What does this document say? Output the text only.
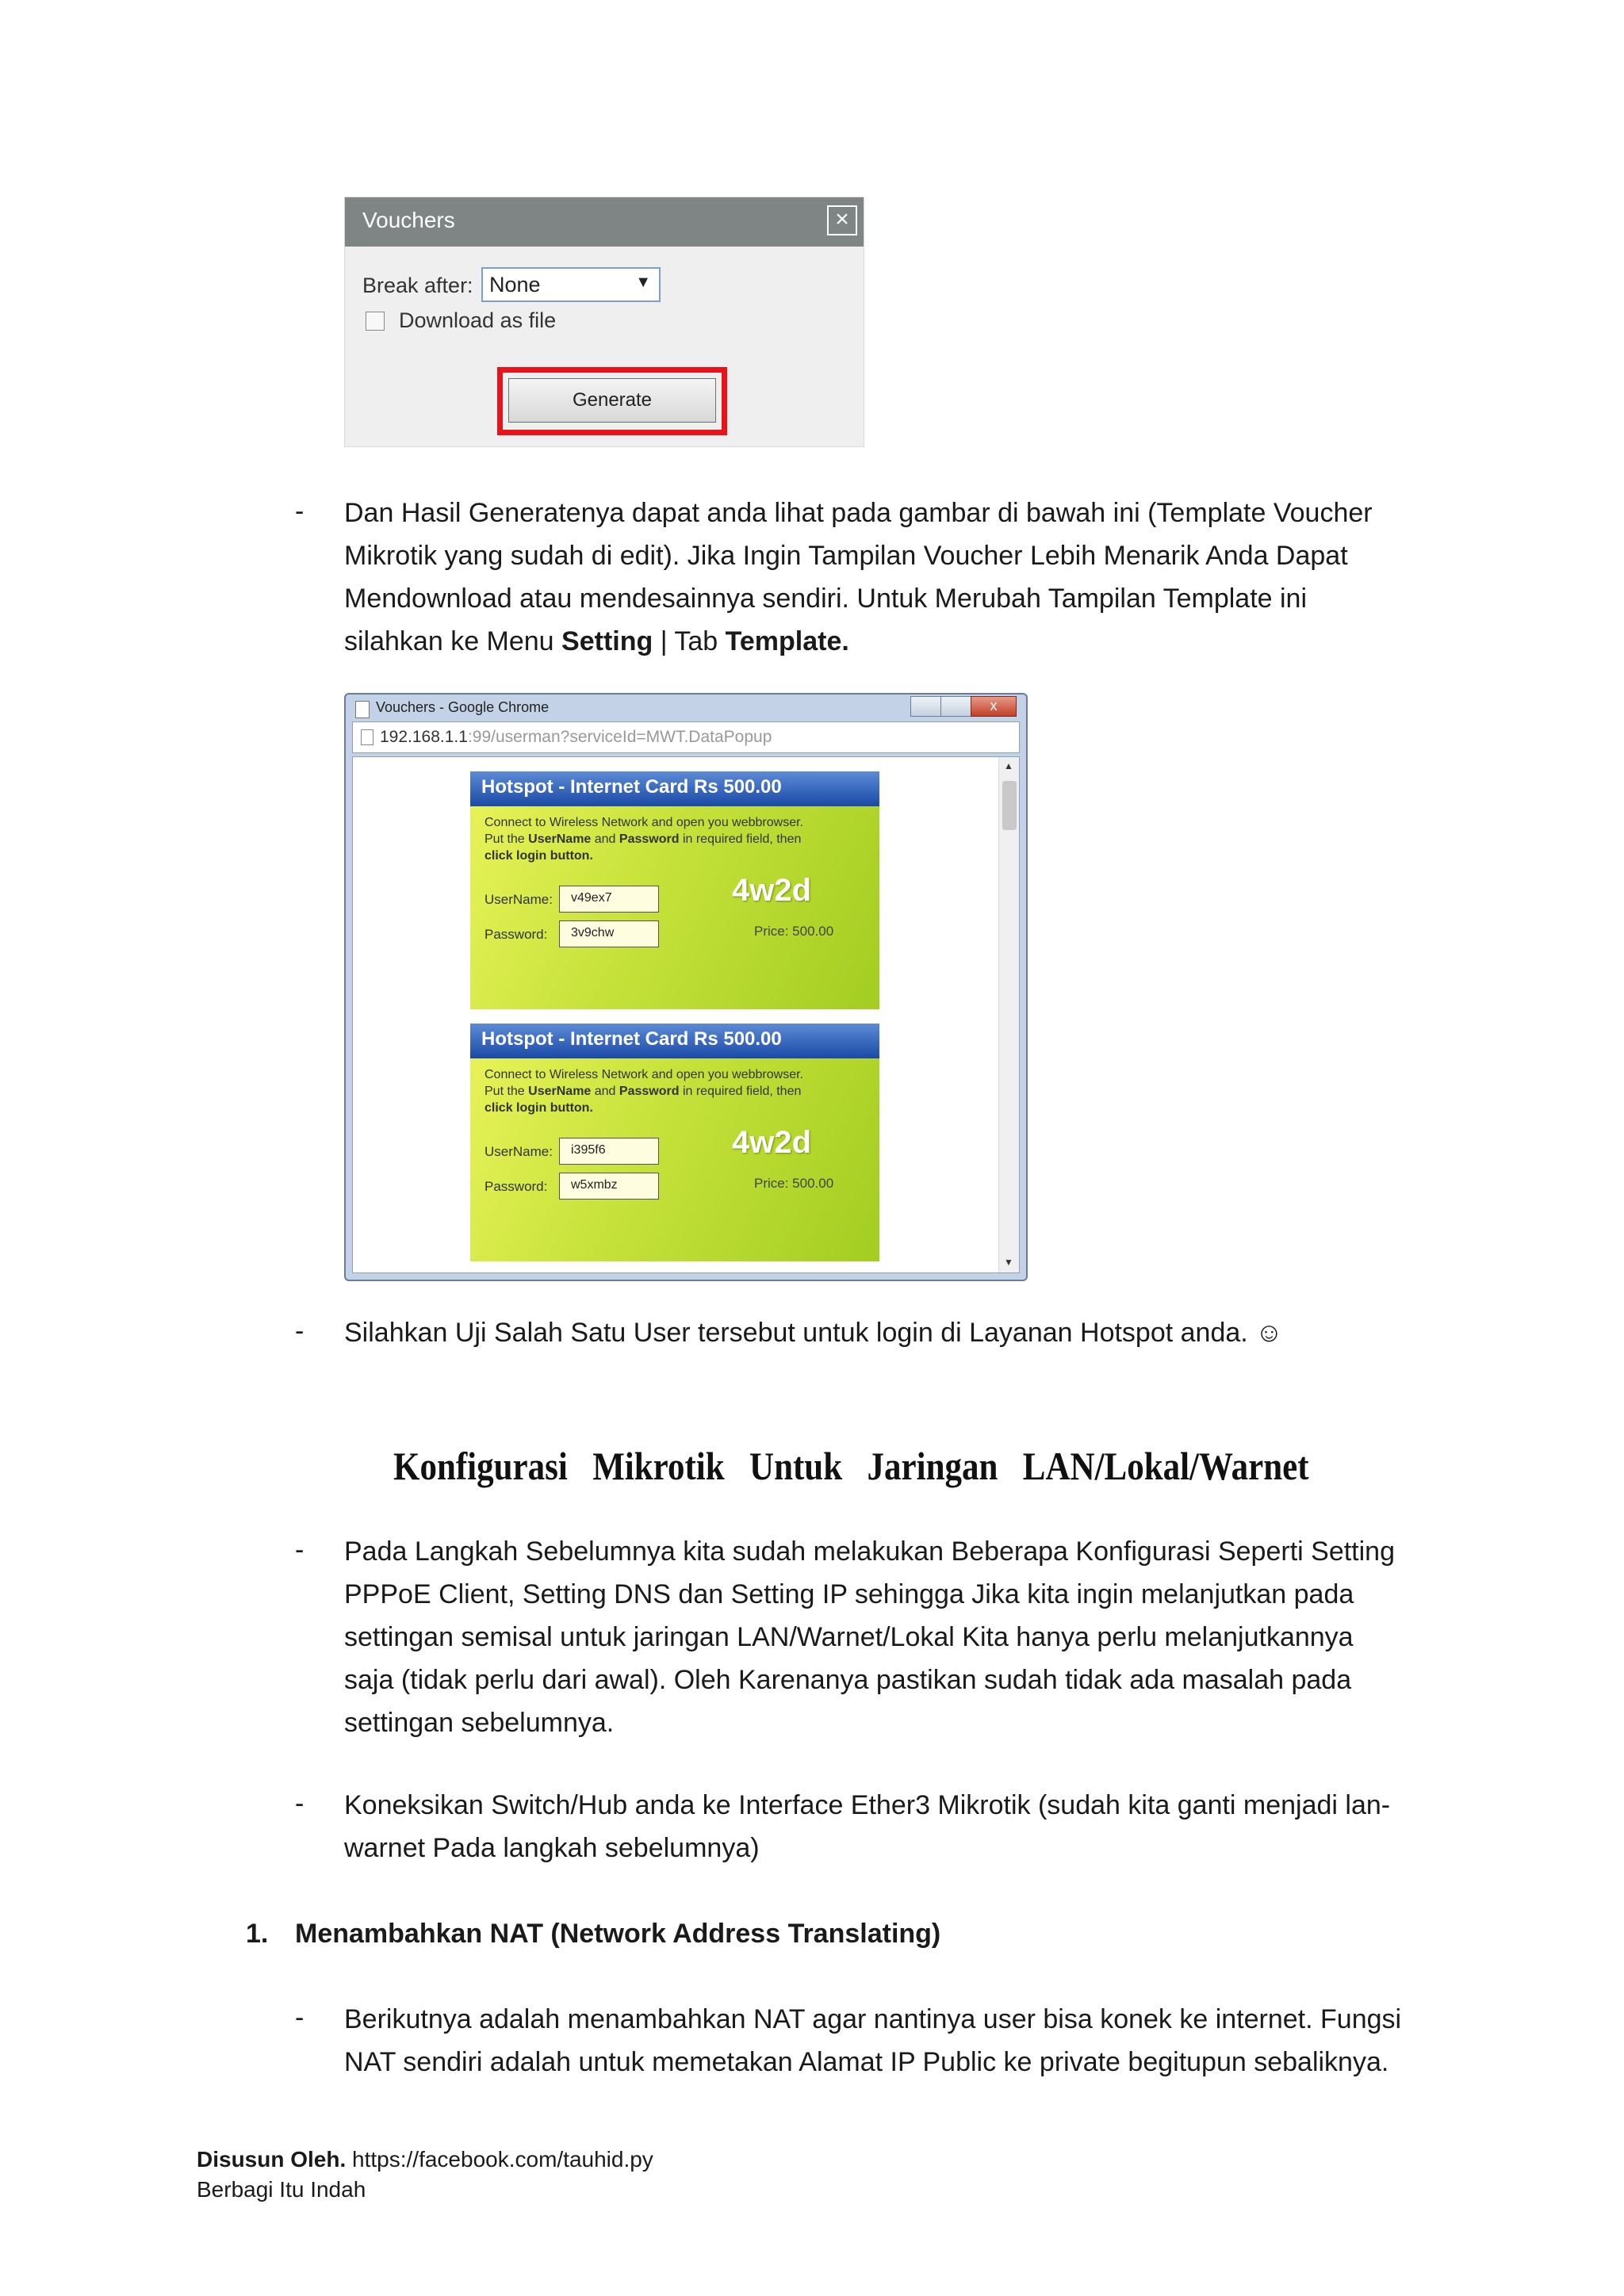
Vouchers	×
Break after: None	▼
Download as file
Generate
- Dan Hasil Generatenya dapat anda lihat pada gambar di bawah ini (Template Voucher
Mikrotik yang sudah di edit). Jika Ingin Tampilan Voucher Lebih Menarik Anda Dapat
Mendownload atau mendesainnya sendiri. Untuk Merubah Tampilan Template ini
silahkan ke Menu Setting | Tab Template.
Vouchers - Google Chrome	x
192.168.1.1:99/userman?serviceId=MWT.DataPopup
Hotspot - Internet Card Rs 500.00
Connect to Wireless Network and open you webbrowser.
Put the UserName and Password in required field, then
click login button.
UserName:	v49ex7
Password:	3v9chw
4w2d
Price: 500.00
Hotspot - Internet Card Rs 500.00
Connect to Wireless Network and open you webbrowser.
Put the UserName and Password in required field, then
click login button.
UserName:	i395f6
Password:	w5xmbz
4w2d
Price: 500.00
▲
▼
- Silahkan Uji Salah Satu User tersebut untuk login di Layanan Hotspot anda. ☺
Konfigurasi Mikrotik Untuk Jaringan LAN/Lokal/Warnet
- Pada Langkah Sebelumnya kita sudah melakukan Beberapa Konfigurasi Seperti Setting
PPPoE Client, Setting DNS dan Setting IP sehingga Jika kita ingin melanjutkan pada
settingan semisal untuk jaringan LAN/Warnet/Lokal Kita hanya perlu melanjutkannya
saja (tidak perlu dari awal). Oleh Karenanya pastikan sudah tidak ada masalah pada
settingan sebelumnya.
- Koneksikan Switch/Hub anda ke Interface Ether3 Mikrotik (sudah kita ganti menjadi lan-
warnet Pada langkah sebelumnya)
1. Menambahkan NAT (Network Address Translating)
- Berikutnya adalah menambahkan NAT agar nantinya user bisa konek ke internet. Fungsi
NAT sendiri adalah untuk memetakan Alamat IP Public ke private begitupun sebaliknya.
Disusun Oleh. https://facebook.com/tauhid.py
Berbagi Itu Indah
